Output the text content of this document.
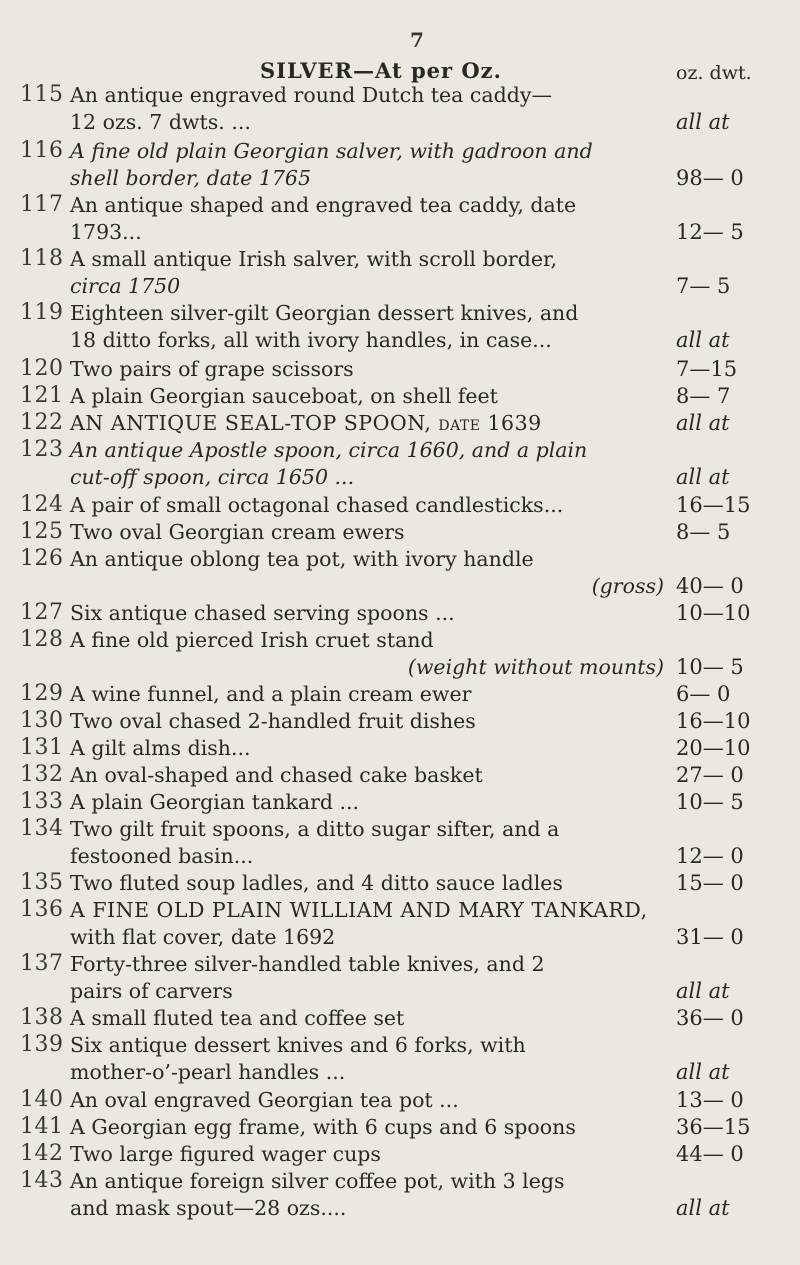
7
SILVER—At per Oz.	oz. dwt.
115 An antique engraved round Dutch tea caddy—
12 ozs. 7 dwts. ...	all at
116 A fine old plain Georgian salver, with gadroon and
shell border, date 1765	98— 0
117 An antique shaped and engraved tea caddy, date
1793...	12— 5
118 A small antique Irish salver, with scroll border,
circa 1750	7— 5
119 Eighteen silver-gilt Georgian dessert knives, and
18 ditto forks, all with ivory handles, in case...	all at
120 Two pairs of grape scissors	7—15
121 A plain Georgian sauceboat, on shell feet	8— 7
122 AN ANTIQUE SEAL-TOP SPOON, date 1639	all at
123 An antique Apostle spoon, circa 1660, and a plain
cut-off spoon, circa 1650 ...	all at
124 A pair of small octagonal chased candlesticks...	16—15
125 Two oval Georgian cream ewers	8— 5
126 An antique oblong tea pot, with ivory handle
(gross) 40— 0
127 Six antique chased serving spoons ...	10—10
128 A fine old pierced Irish cruet stand
(weight without mounts) 10— 5
129 A wine funnel, and a plain cream ewer	6— 0
130 Two oval chased 2-handled fruit dishes	16—10
131 A gilt alms dish...	20—10
132 An oval-shaped and chased cake basket	27— 0
133 A plain Georgian tankard ...	10— 5
134 Two gilt fruit spoons, a ditto sugar sifter, and a
festooned basin...	12— 0
135 Two fluted soup ladles, and 4 ditto sauce ladles	15— 0
136 A FINE OLD PLAIN WILLIAM AND MARY TANKARD,
with flat cover, date 1692	31— 0
137 Forty-three silver-handled table knives, and 2
pairs of carvers	all at
138 A small fluted tea and coffee set	36— 0
139 Six antique dessert knives and 6 forks, with
mother-o’-pearl handles ...	all at
140 An oval engraved Georgian tea pot ...	13— 0
141 A Georgian egg frame, with 6 cups and 6 spoons	36—15
142 Two large figured wager cups	44— 0
143 An antique foreign silver coffee pot, with 3 legs
and mask spout—28 ozs....	all at
